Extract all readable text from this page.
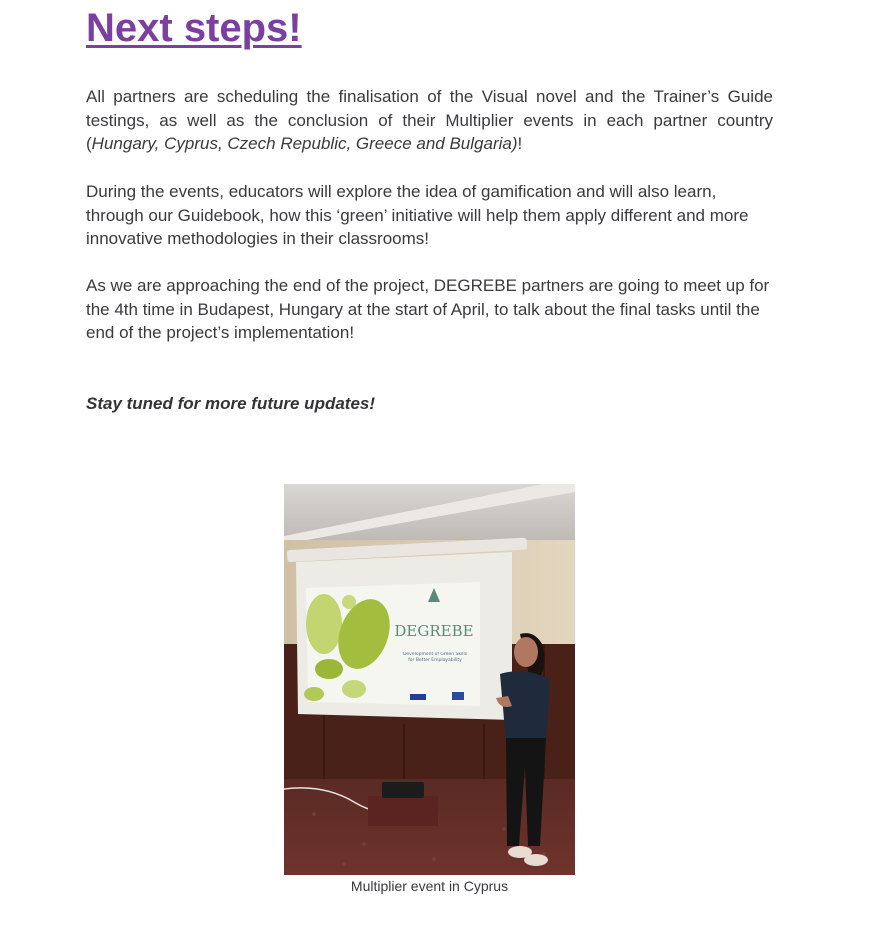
Next steps!

All partners are scheduling the finalisation of the Visual novel and the Trainer’s Guide testings, as well as the conclusion of their Multiplier events in each partner country (Hungary, Cyprus, Czech Republic, Greece and Bulgaria)!

During the events, educators will explore the idea of gamification and will also learn, through our Guidebook, how this ‘green’ initiative will help them apply different and more innovative methodologies in their classrooms!

As we are approaching the end of the project, DEGREBE partners are going to meet up for the 4th time in Budapest, Hungary at the start of April, to talk about the final tasks until the end of the project’s implementation!

Stay tuned for more future updates!

DEGREBE
Development of Green Skills for Better Employability

Multiplier event in Cyprus
